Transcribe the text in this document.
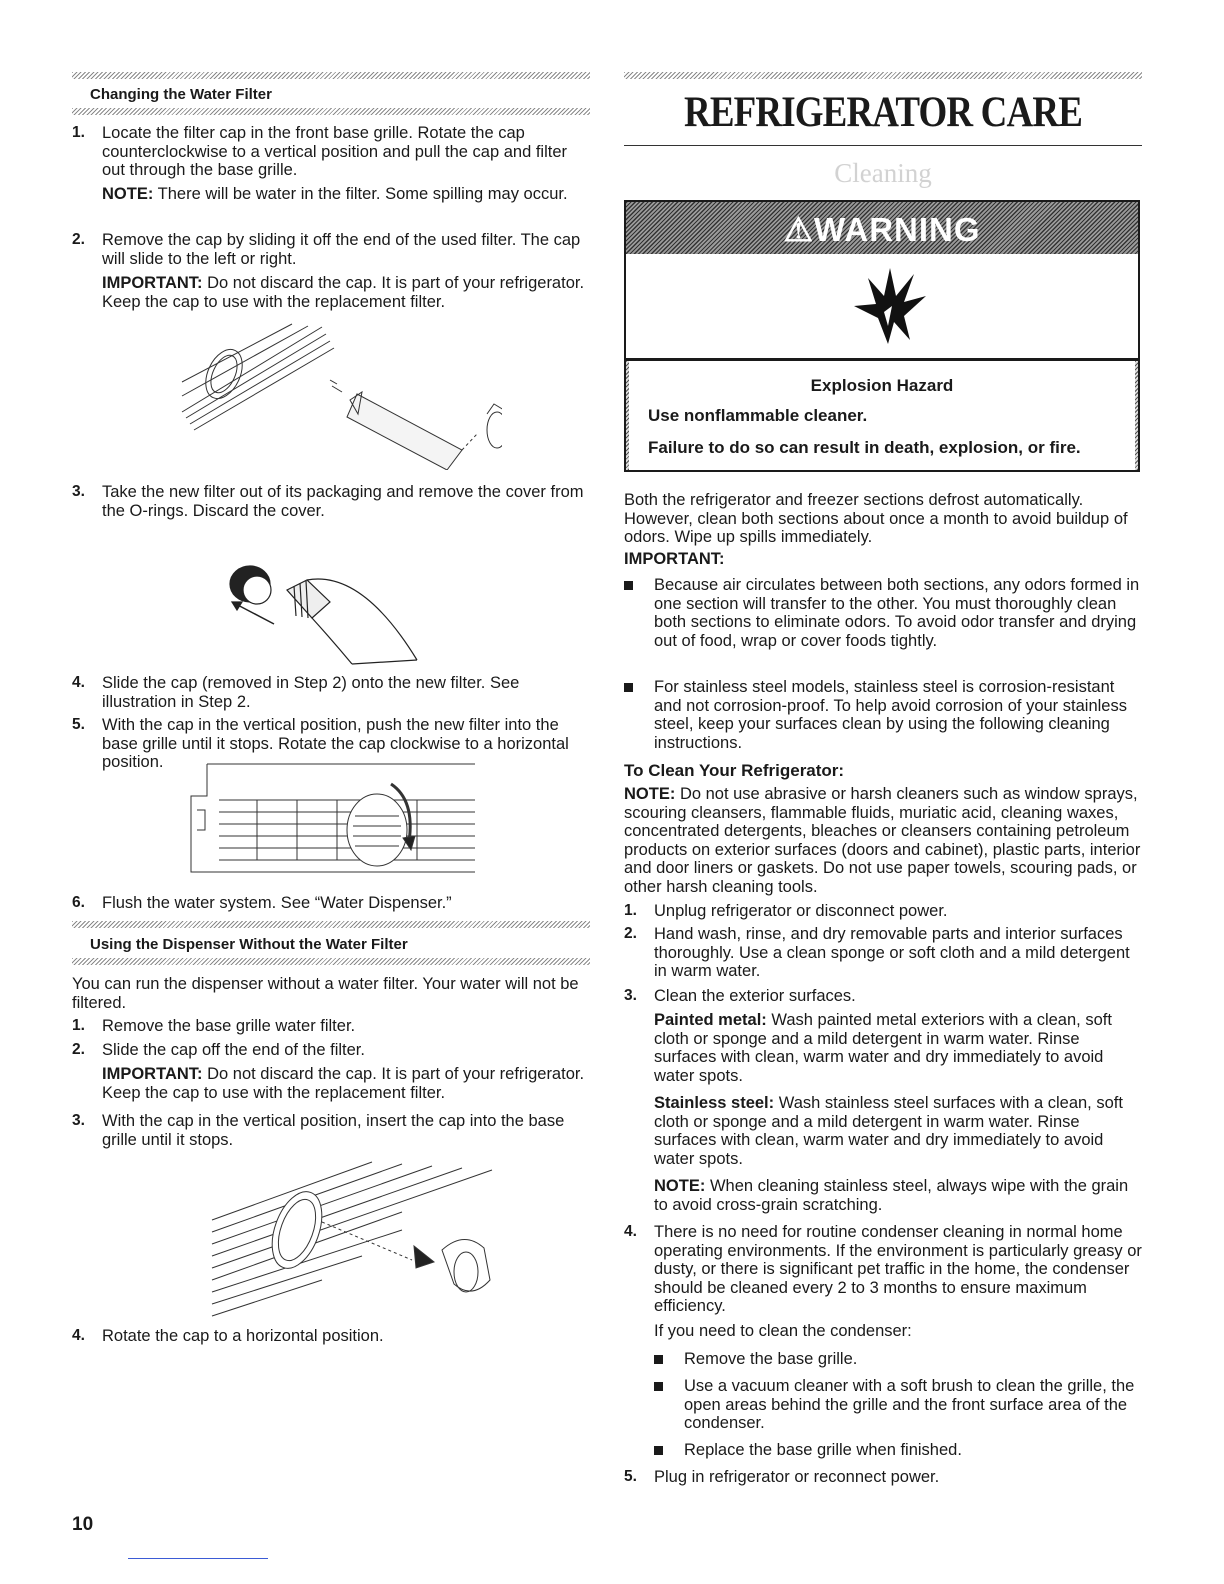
Changing the Water Filter
1.	Locate the filter cap in the front base grille. Rotate the cap counterclockwise to a vertical position and pull the cap and filter out through the base grille.
NOTE: There will be water in the filter. Some spilling may occur.
2.	Remove the cap by sliding it off the end of the used filter. The cap will slide to the left or right.
IMPORTANT: Do not discard the cap. It is part of your refrigerator. Keep the cap to use with the replacement filter.
3.	Take the new filter out of its packaging and remove the cover from the O-rings. Discard the cover.
4.	Slide the cap (removed in Step 2) onto the new filter. See illustration in Step 2.
5.	With the cap in the vertical position, push the new filter into the base grille until it stops. Rotate the cap clockwise to a horizontal position.
6.	Flush the water system. See “Water Dispenser.”
Using the Dispenser Without the Water Filter
You can run the dispenser without a water filter. Your water will not be filtered.
1.	Remove the base grille water filter.
2.	Slide the cap off the end of the filter.
IMPORTANT: Do not discard the cap. It is part of your refrigerator. Keep the cap to use with the replacement filter.
3.	With the cap in the vertical position, insert the cap into the base grille until it stops.
4.	Rotate the cap to a horizontal position.
REFRIGERATOR CARE
Cleaning
⚠WARNING
Explosion Hazard
Use nonflammable cleaner.
Failure to do so can result in death, explosion, or fire.
Both the refrigerator and freezer sections defrost automatically. However, clean both sections about once a month to avoid buildup of odors. Wipe up spills immediately.
IMPORTANT:
Because air circulates between both sections, any odors formed in one section will transfer to the other. You must thoroughly clean both sections to eliminate odors. To avoid odor transfer and drying out of food, wrap or cover foods tightly.
For stainless steel models, stainless steel is corrosion-resistant and not corrosion-proof. To help avoid corrosion of your stainless steel, keep your surfaces clean by using the following cleaning instructions.
To Clean Your Refrigerator:
NOTE: Do not use abrasive or harsh cleaners such as window sprays, scouring cleansers, flammable fluids, muriatic acid, cleaning waxes, concentrated detergents, bleaches or cleansers containing petroleum products on exterior surfaces (doors and cabinet), plastic parts, interior and door liners or gaskets. Do not use paper towels, scouring pads, or other harsh cleaning tools.
1.	Unplug refrigerator or disconnect power.
2.	Hand wash, rinse, and dry removable parts and interior surfaces thoroughly. Use a clean sponge or soft cloth and a mild detergent in warm water.
3.	Clean the exterior surfaces.
Painted metal: Wash painted metal exteriors with a clean, soft cloth or sponge and a mild detergent in warm water. Rinse surfaces with clean, warm water and dry immediately to avoid water spots.
Stainless steel: Wash stainless steel surfaces with a clean, soft cloth or sponge and a mild detergent in warm water. Rinse surfaces with clean, warm water and dry immediately to avoid water spots.
NOTE: When cleaning stainless steel, always wipe with the grain to avoid cross-grain scratching.
4.	There is no need for routine condenser cleaning in normal home operating environments. If the environment is particularly greasy or dusty, or there is significant pet traffic in the home, the condenser should be cleaned every 2 to 3 months to ensure maximum efficiency.
If you need to clean the condenser:
Remove the base grille.
Use a vacuum cleaner with a soft brush to clean the grille, the open areas behind the grille and the front surface area of the condenser.
Replace the base grille when finished.
5.	Plug in refrigerator or reconnect power.
10
